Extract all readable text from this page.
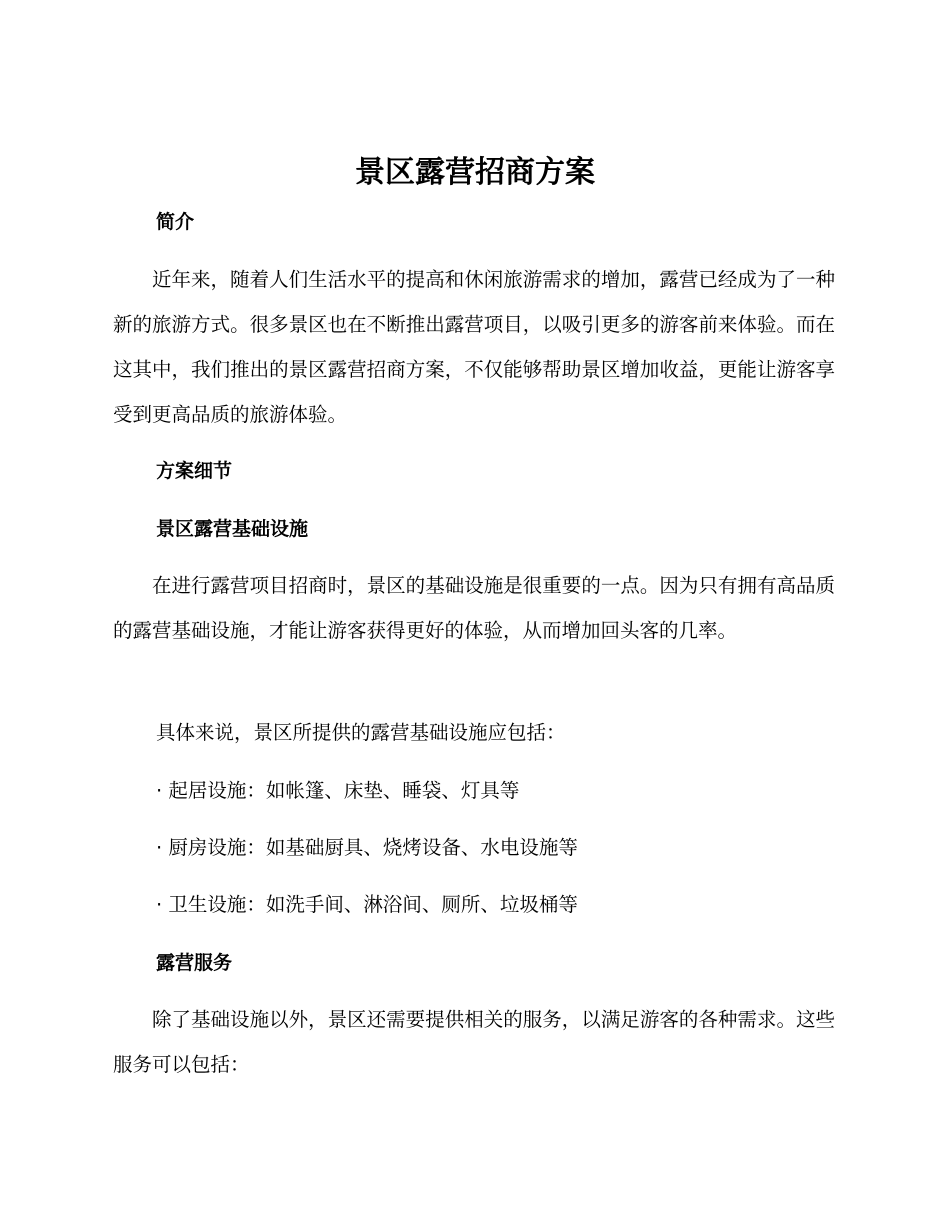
景区露营招商方案
简介

近年来，随着人们生活水平的提高和休闲旅游需求的增加，露营已经成为了一种新的旅游方式。很多景区也在不断推出露营项目，以吸引更多的游客前来体验。而在这其中，我们推出的景区露营招商方案，不仅能够帮助景区增加收益，更能让游客享受到更高品质的旅游体验。

方案细节
景区露营基础设施

在进行露营项目招商时，景区的基础设施是很重要的一点。因为只有拥有高品质的露营基础设施，才能让游客获得更好的体验，从而增加回头客的几率。

具体来说，景区所提供的露营基础设施应包括：
· 起居设施：如帐篷、床垫、睡袋、灯具等
· 厨房设施：如基础厨具、烧烤设备、水电设施等
· 卫生设施：如洗手间、淋浴间、厕所、垃圾桶等
露营服务

除了基础设施以外，景区还需要提供相关的服务，以满足游客的各种需求。这些服务可以包括：
